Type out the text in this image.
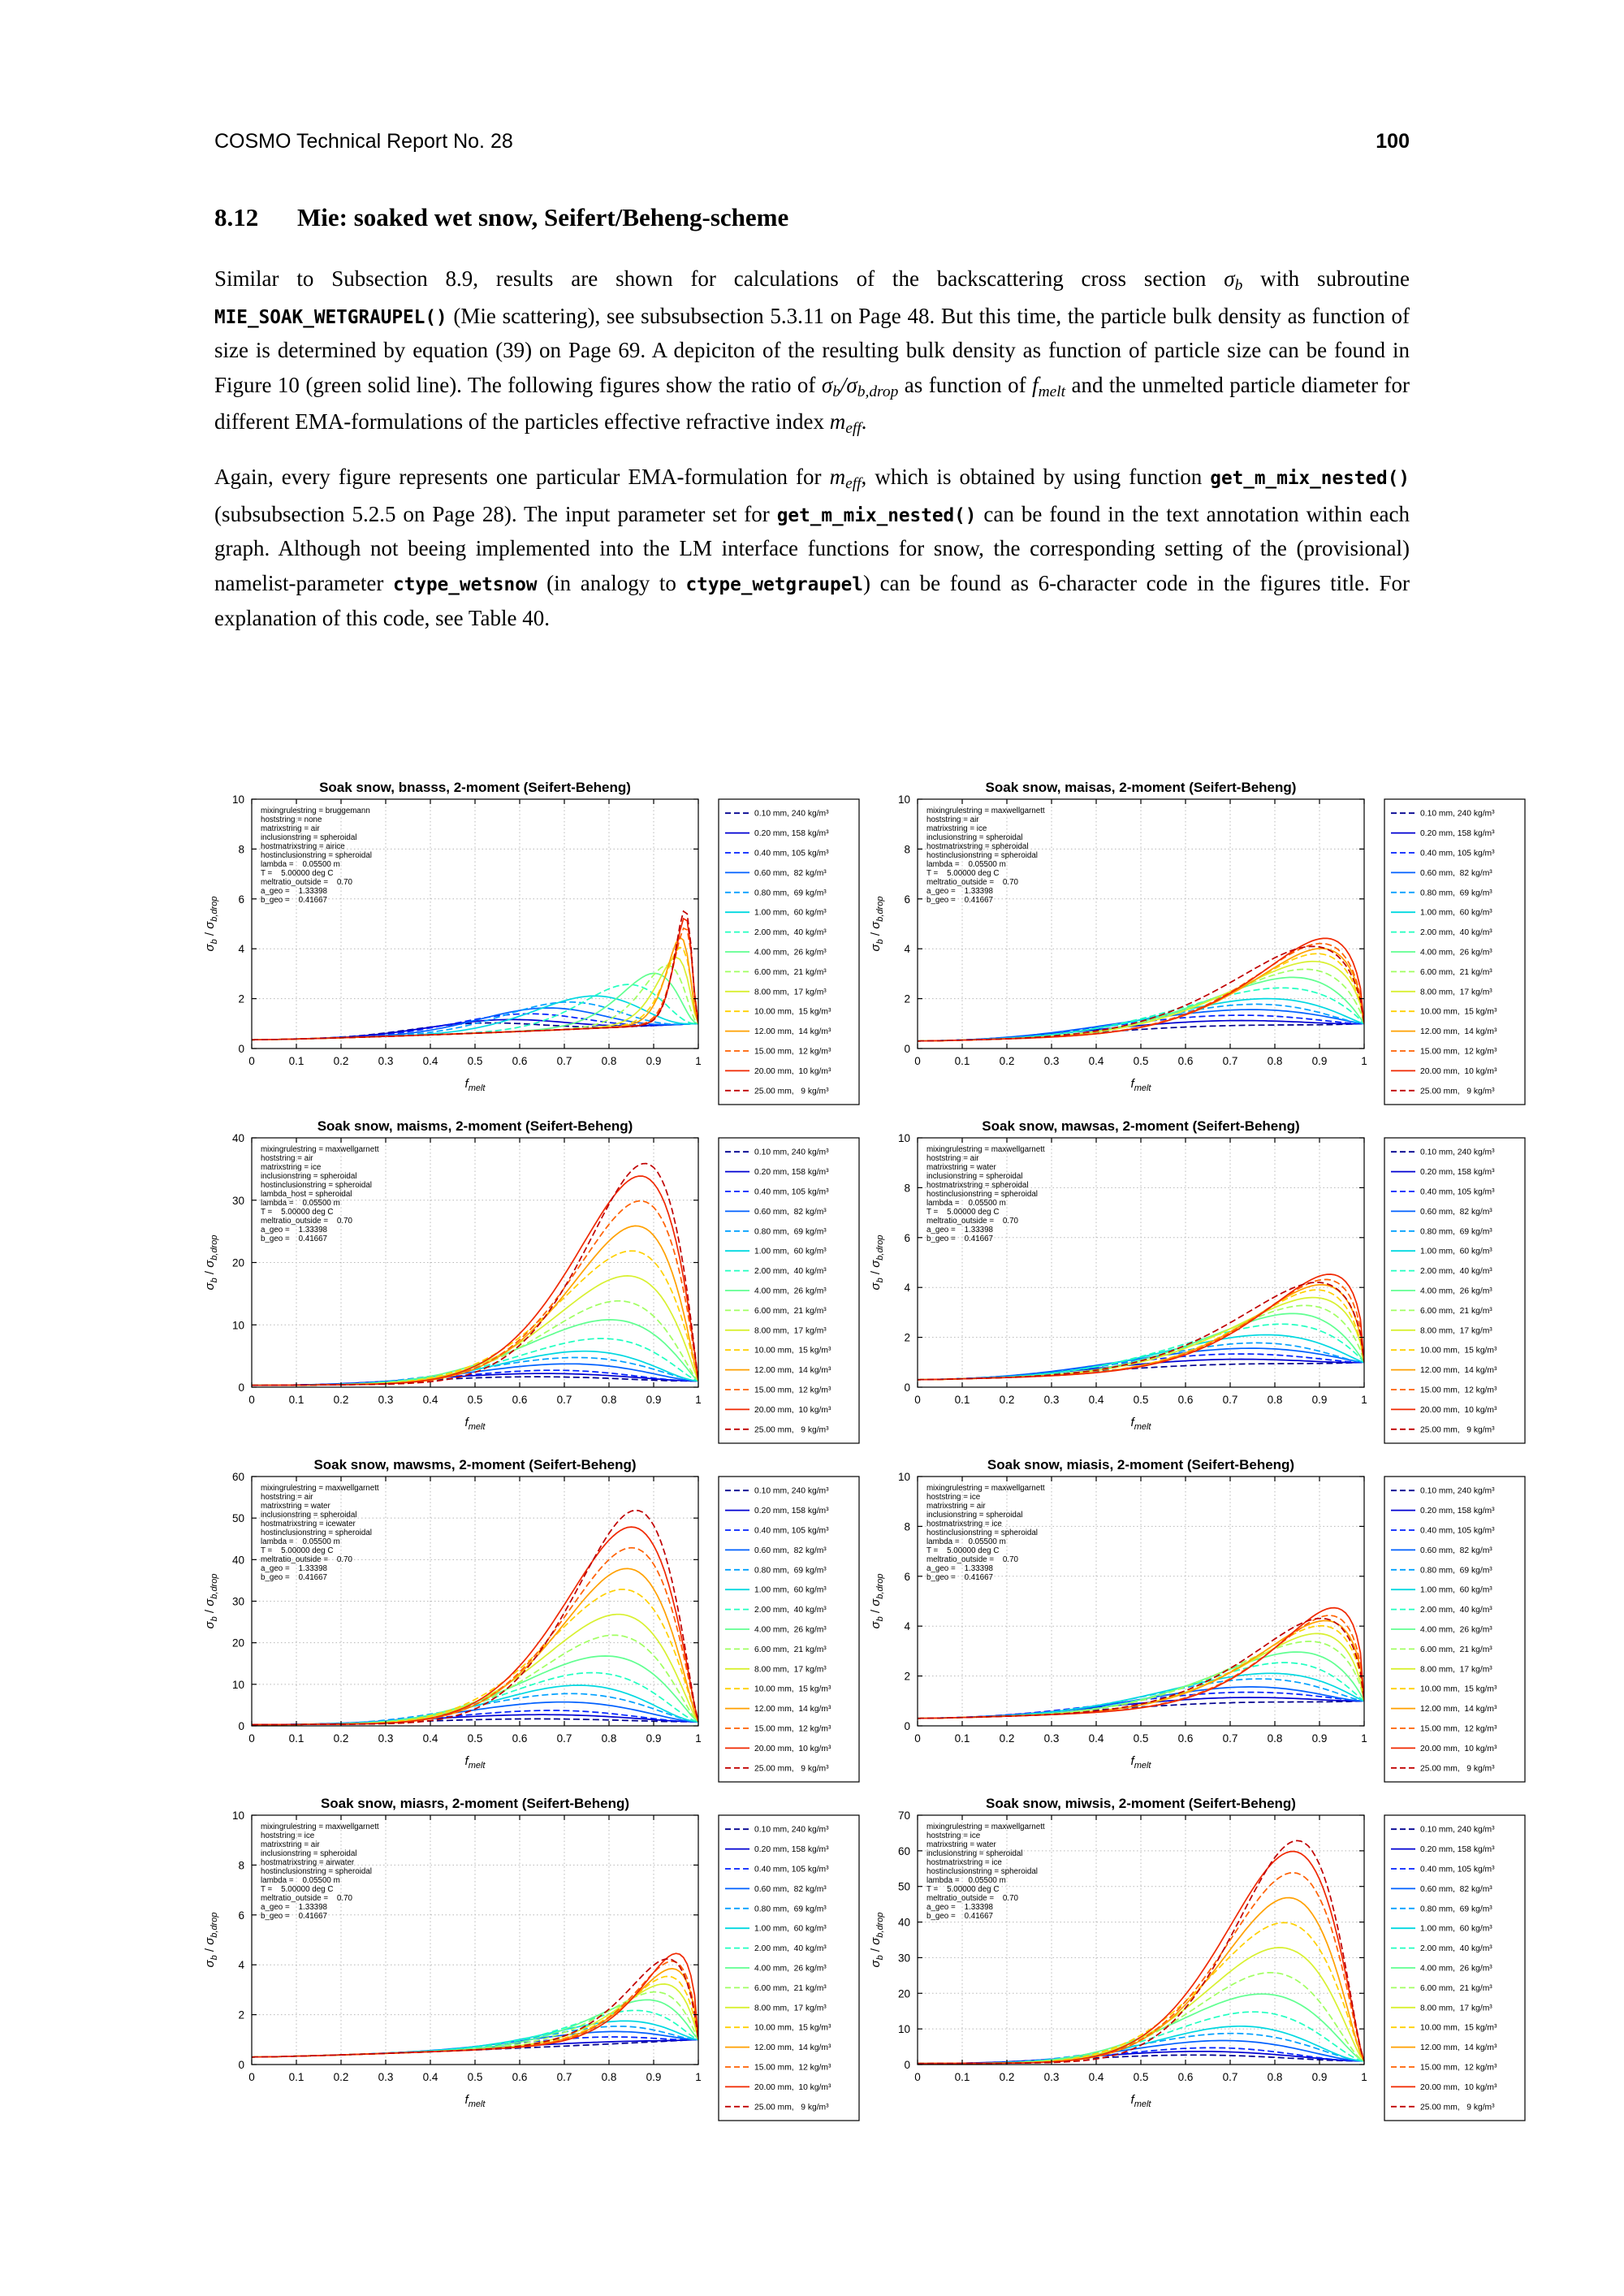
COSMO Technical Report No. 28	100
8.12 Mie: soaked wet snow, Seifert/Beheng-scheme

Similar to Subsection 8.9, results are shown for calculations of the backscattering cross section $\sigma_b$ with subroutine MIE_SOAK_WETGRAUPEL() (Mie scattering), see subsubsection 5.3.11 on Page 48. But this time, the particle bulk density as function of size is determined by equation (39) on Page 69. A depiciton of the resulting bulk density as function of particle size can be found in Figure 10 (green solid line). The following figures show the ratio of $\sigma_b/\sigma_{b,drop}$ as function of $f_{melt}$ and the unmelted particle diameter for different EMA-formulations of the particles effective refractive index $m_{eff}$.

Again, every figure represents one particular EMA-formulation for $m_{eff}$, which is obtained by using function get_m_mix_nested() (subsubsection 5.2.5 on Page 28). The input parameter set for get_m_mix_nested() can be found in the text annotation within each graph. Although not beeing implemented into the LM interface functions for snow, the corresponding setting of the (provisional) namelist-parameter ctype_wetsnow (in analogy to ctype_wetgraupel) can be found as 6-character code in the figures title. For explanation of this code, see Table 40.

Soak snow, bnasss, 2-moment (Seifert-Beheng)
0	0.1	0.2	0.3	0.4	0.5	0.6	0.7	0.8	0.9	1
0
2
4
6
8
10
$f_{melt}$
$\sigma_b / \sigma_{b,drop}$
mixingrulestring = bruggemann
hoststring = none
matrixstring = air
inclusionstring = spheroidal
hostmatrixstring = airice
hostinclusionstring = spheroidal
lambda =    0.05500 m
T =    5.00000 deg C
meltratio_outside =    0.70
a_geo =    1.33398
b_geo =    0.41667
0.10 mm, 240 kg/m³
0.20 mm, 158 kg/m³
0.40 mm, 105 kg/m³
0.60 mm,  82 kg/m³
0.80 mm,  69 kg/m³
1.00 mm,  60 kg/m³
2.00 mm,  40 kg/m³
4.00 mm,  26 kg/m³
6.00 mm,  21 kg/m³
8.00 mm,  17 kg/m³
10.00 mm,  15 kg/m³
12.00 mm,  14 kg/m³
15.00 mm,  12 kg/m³
20.00 mm,  10 kg/m³
25.00 mm,   9 kg/m³
Soak snow, maisas, 2-moment (Seifert-Beheng)
0	0.1	0.2	0.3	0.4	0.5	0.6	0.7	0.8	0.9	1
0
2
4
6
8
10
$f_{melt}$
$\sigma_b / \sigma_{b,drop}$
mixingrulestring = maxwellgarnett
hoststring = air
matrixstring = ice
inclusionstring = spheroidal
hostmatrixstring = spheroidal
hostinclusionstring = spheroidal
lambda =    0.05500 m
T =    5.00000 deg C
meltratio_outside =    0.70
a_geo =    1.33398
b_geo =    0.41667
0.10 mm, 240 kg/m³
0.20 mm, 158 kg/m³
0.40 mm, 105 kg/m³
0.60 mm,  82 kg/m³
0.80 mm,  69 kg/m³
1.00 mm,  60 kg/m³
2.00 mm,  40 kg/m³
4.00 mm,  26 kg/m³
6.00 mm,  21 kg/m³
8.00 mm,  17 kg/m³
10.00 mm,  15 kg/m³
12.00 mm,  14 kg/m³
15.00 mm,  12 kg/m³
20.00 mm,  10 kg/m³
25.00 mm,   9 kg/m³
Soak snow, maisms, 2-moment (Seifert-Beheng)
0	0.1	0.2	0.3	0.4	0.5	0.6	0.7	0.8	0.9	1
0
10
20
30
40
$f_{melt}$
$\sigma_b / \sigma_{b,drop}$
mixingrulestring = maxwellgarnett
hoststring = air
matrixstring = ice
inclusionstring = spheroidal
hostinclusionstring = spheroidal
lambda_host = spheroidal
lambda =    0.05500 m
T =    5.00000 deg C
meltratio_outside =    0.70
a_geo =    1.33398
b_geo =    0.41667
0.10 mm, 240 kg/m³
0.20 mm, 158 kg/m³
0.40 mm, 105 kg/m³
0.60 mm,  82 kg/m³
0.80 mm,  69 kg/m³
1.00 mm,  60 kg/m³
2.00 mm,  40 kg/m³
4.00 mm,  26 kg/m³
6.00 mm,  21 kg/m³
8.00 mm,  17 kg/m³
10.00 mm,  15 kg/m³
12.00 mm,  14 kg/m³
15.00 mm,  12 kg/m³
20.00 mm,  10 kg/m³
25.00 mm,   9 kg/m³
Soak snow, mawsas, 2-moment (Seifert-Beheng)
0	0.1	0.2	0.3	0.4	0.5	0.6	0.7	0.8	0.9	1
0
2
4
6
8
10
$f_{melt}$
$\sigma_b / \sigma_{b,drop}$
mixingrulestring = maxwellgarnett
hoststring = air
matrixstring = water
inclusionstring = spheroidal
hostmatrixstring = spheroidal
hostinclusionstring = spheroidal
lambda =    0.05500 m
T =    5.00000 deg C
meltratio_outside =    0.70
a_geo =    1.33398
b_geo =    0.41667
0.10 mm, 240 kg/m³
0.20 mm, 158 kg/m³
0.40 mm, 105 kg/m³
0.60 mm,  82 kg/m³
0.80 mm,  69 kg/m³
1.00 mm,  60 kg/m³
2.00 mm,  40 kg/m³
4.00 mm,  26 kg/m³
6.00 mm,  21 kg/m³
8.00 mm,  17 kg/m³
10.00 mm,  15 kg/m³
12.00 mm,  14 kg/m³
15.00 mm,  12 kg/m³
20.00 mm,  10 kg/m³
25.00 mm,   9 kg/m³
Soak snow, mawsms, 2-moment (Seifert-Beheng)
0	0.1	0.2	0.3	0.4	0.5	0.6	0.7	0.8	0.9	1
0
10
20
30
40
50
60
$f_{melt}$
$\sigma_b / \sigma_{b,drop}$
mixingrulestring = maxwellgarnett
hoststring = air
matrixstring = water
inclusionstring = spheroidal
hostmatrixstring = icewater
hostinclusionstring = spheroidal
lambda =    0.05500 m
T =    5.00000 deg C
meltratio_outside =    0.70
a_geo =    1.33398
b_geo =    0.41667
0.10 mm, 240 kg/m³
0.20 mm, 158 kg/m³
0.40 mm, 105 kg/m³
0.60 mm,  82 kg/m³
0.80 mm,  69 kg/m³
1.00 mm,  60 kg/m³
2.00 mm,  40 kg/m³
4.00 mm,  26 kg/m³
6.00 mm,  21 kg/m³
8.00 mm,  17 kg/m³
10.00 mm,  15 kg/m³
12.00 mm,  14 kg/m³
15.00 mm,  12 kg/m³
20.00 mm,  10 kg/m³
25.00 mm,   9 kg/m³
Soak snow, miasis, 2-moment (Seifert-Beheng)
0	0.1	0.2	0.3	0.4	0.5	0.6	0.7	0.8	0.9	1
0
2
4
6
8
10
$f_{melt}$
$\sigma_b / \sigma_{b,drop}$
mixingrulestring = maxwellgarnett
hoststring = ice
matrixstring = air
inclusionstring = spheroidal
hostmatrixstring = ice
hostinclusionstring = spheroidal
lambda =    0.05500 m
T =    5.00000 deg C
meltratio_outside =    0.70
a_geo =    1.33398
b_geo =    0.41667
0.10 mm, 240 kg/m³
0.20 mm, 158 kg/m³
0.40 mm, 105 kg/m³
0.60 mm,  82 kg/m³
0.80 mm,  69 kg/m³
1.00 mm,  60 kg/m³
2.00 mm,  40 kg/m³
4.00 mm,  26 kg/m³
6.00 mm,  21 kg/m³
8.00 mm,  17 kg/m³
10.00 mm,  15 kg/m³
12.00 mm,  14 kg/m³
15.00 mm,  12 kg/m³
20.00 mm,  10 kg/m³
25.00 mm,   9 kg/m³
Soak snow, miasrs, 2-moment (Seifert-Beheng)
0	0.1	0.2	0.3	0.4	0.5	0.6	0.7	0.8	0.9	1
0
2
4
6
8
10
$f_{melt}$
$\sigma_b / \sigma_{b,drop}$
mixingrulestring = maxwellgarnett
hoststring = ice
matrixstring = air
inclusionstring = spheroidal
hostmatrixstring = airwater
hostinclusionstring = spheroidal
lambda =    0.05500 m
T =    5.00000 deg C
meltratio_outside =    0.70
a_geo =    1.33398
b_geo =    0.41667
0.10 mm, 240 kg/m³
0.20 mm, 158 kg/m³
0.40 mm, 105 kg/m³
0.60 mm,  82 kg/m³
0.80 mm,  69 kg/m³
1.00 mm,  60 kg/m³
2.00 mm,  40 kg/m³
4.00 mm,  26 kg/m³
6.00 mm,  21 kg/m³
8.00 mm,  17 kg/m³
10.00 mm,  15 kg/m³
12.00 mm,  14 kg/m³
15.00 mm,  12 kg/m³
20.00 mm,  10 kg/m³
25.00 mm,   9 kg/m³
Soak snow, miwsis, 2-moment (Seifert-Beheng)
0	0.1	0.2	0.3	0.4	0.5	0.6	0.7	0.8	0.9	1
0
10
20
30
40
50
60
70
$f_{melt}$
$\sigma_b / \sigma_{b,drop}$
mixingrulestring = maxwellgarnett
hoststring = ice
matrixstring = water
inclusionstring = spheroidal
hostmatrixstring = ice
hostinclusionstring = spheroidal
lambda =    0.05500 m
T =    5.00000 deg C
meltratio_outside =    0.70
a_geo =    1.33398
b_geo =    0.41667
0.10 mm, 240 kg/m³
0.20 mm, 158 kg/m³
0.40 mm, 105 kg/m³
0.60 mm,  82 kg/m³
0.80 mm,  69 kg/m³
1.00 mm,  60 kg/m³
2.00 mm,  40 kg/m³
4.00 mm,  26 kg/m³
6.00 mm,  21 kg/m³
8.00 mm,  17 kg/m³
10.00 mm,  15 kg/m³
12.00 mm,  14 kg/m³
15.00 mm,  12 kg/m³
20.00 mm,  10 kg/m³
25.00 mm,   9 kg/m³
